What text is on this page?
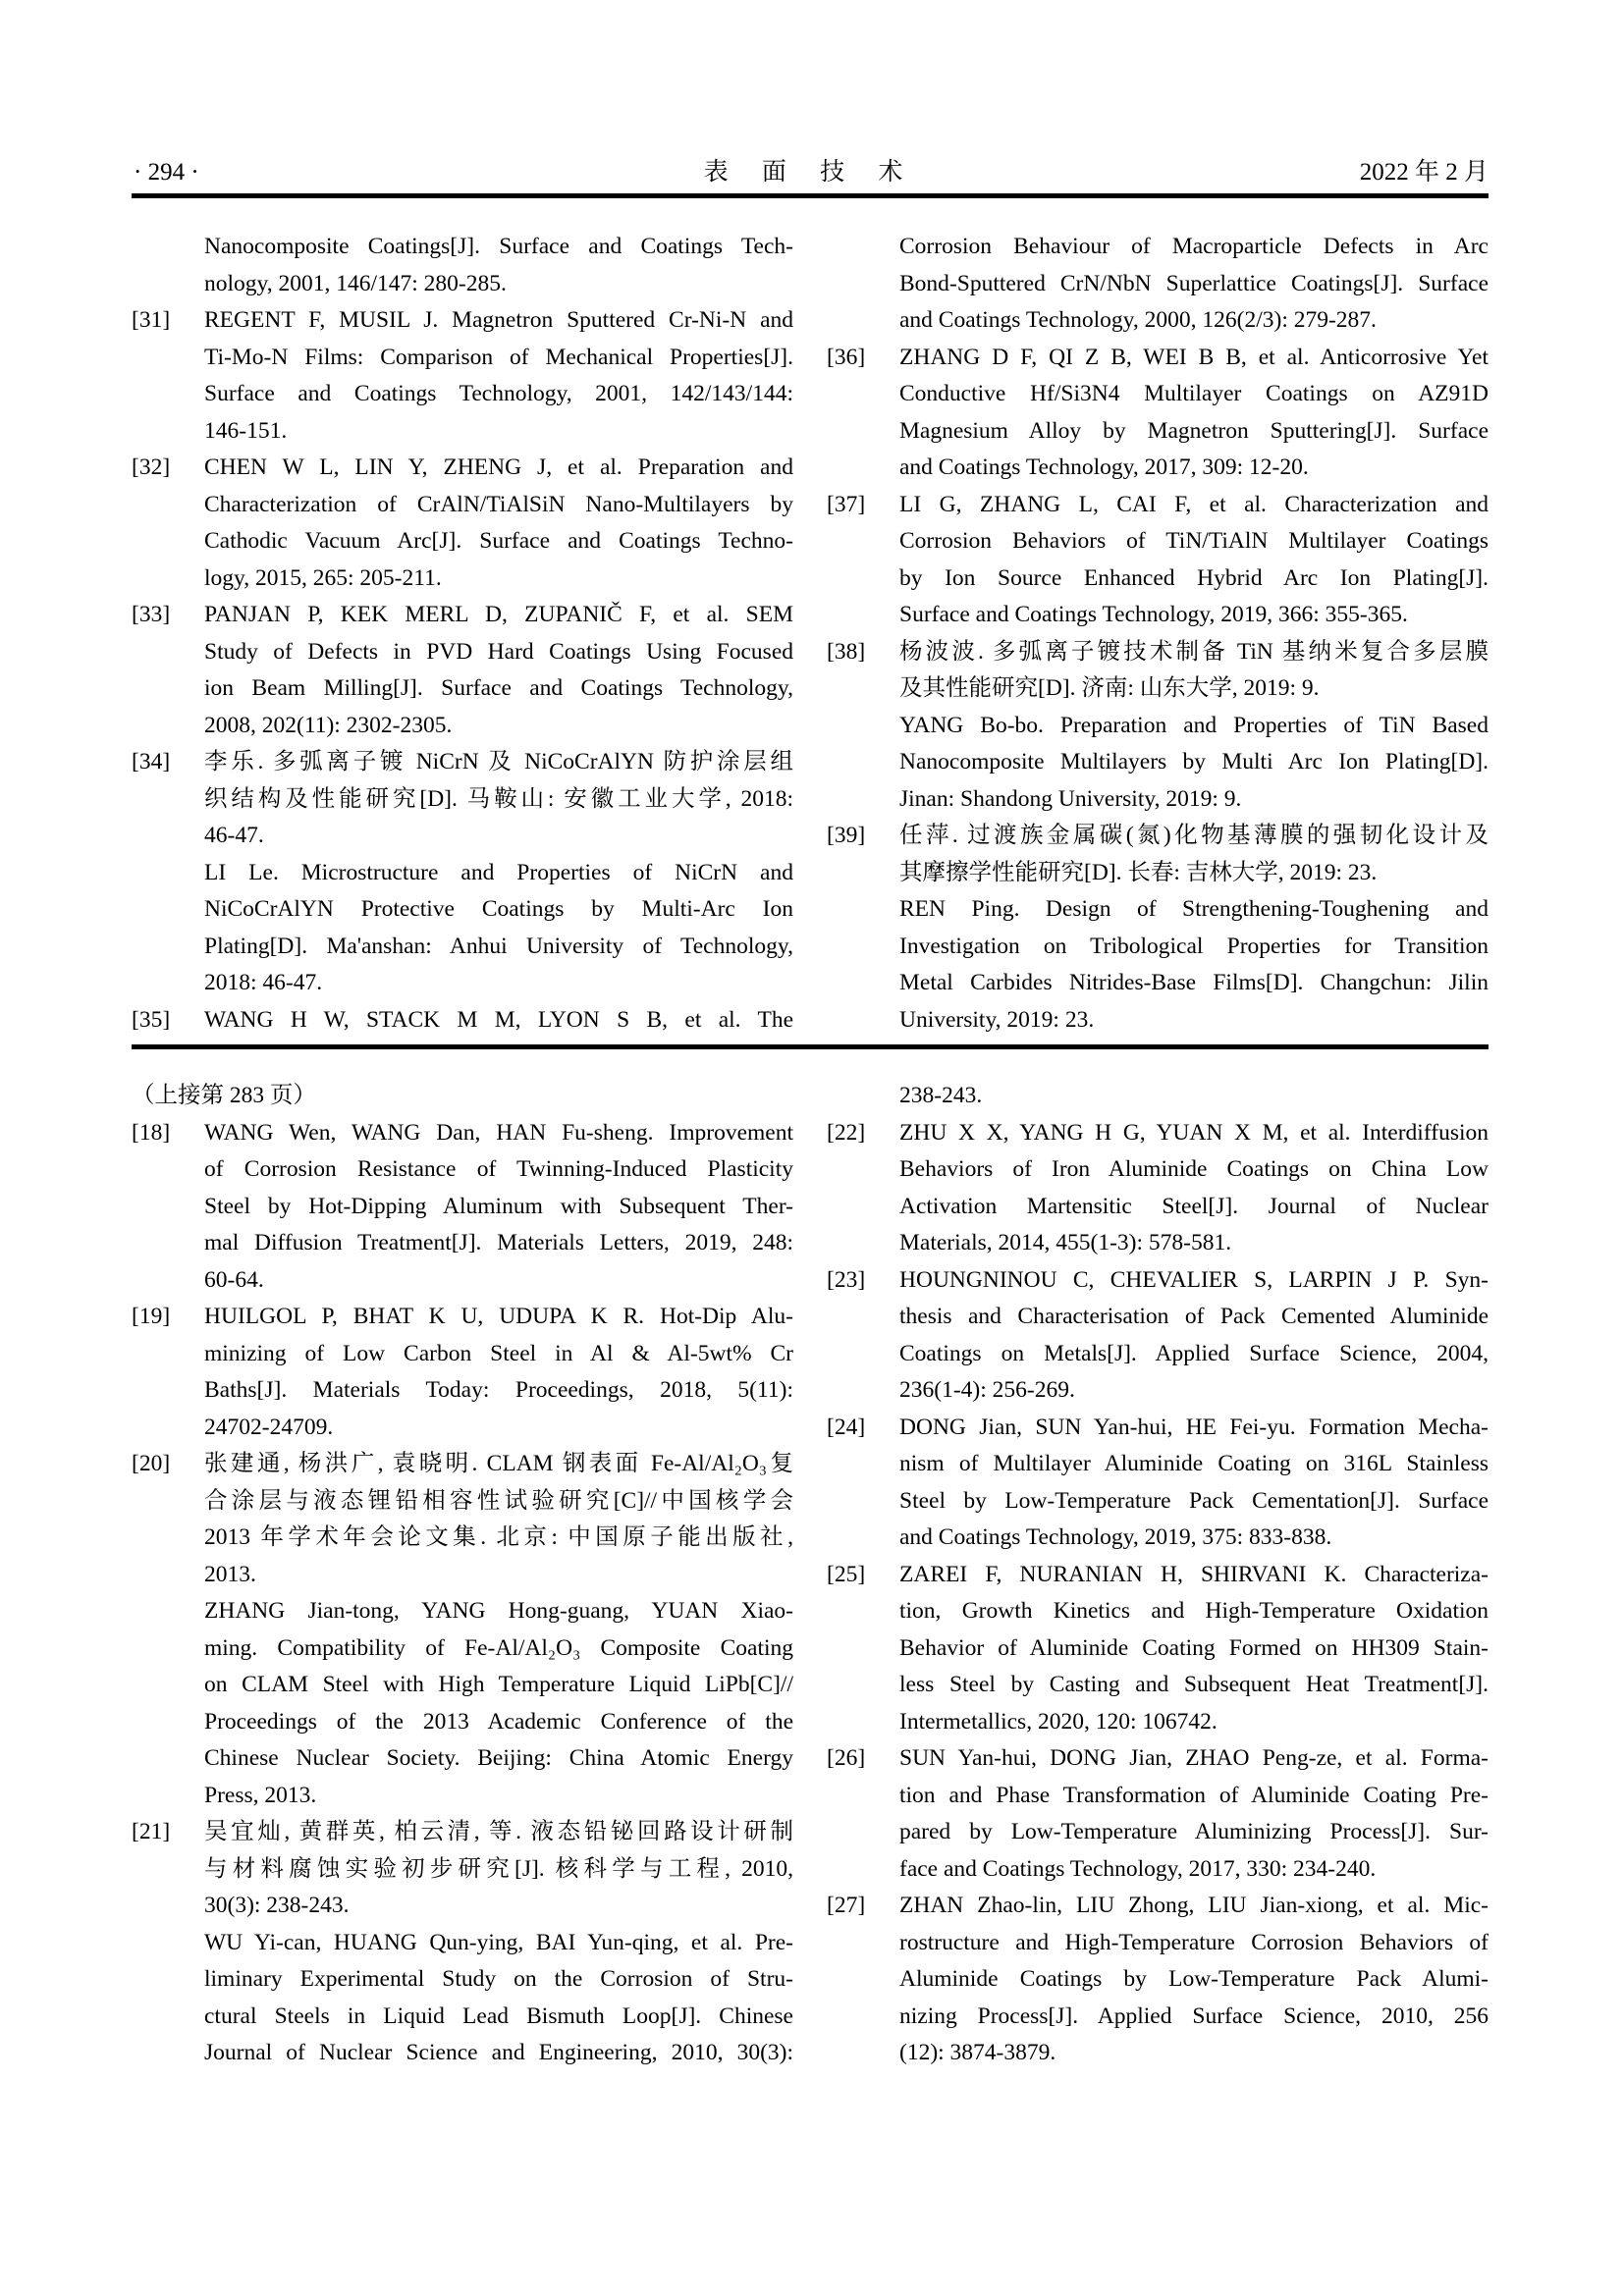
· 294 ·	表 面 技 术	2022 年 2 月
Nanocomposite Coatings[J]. Surface and Coatings Tech-
nology, 2001, 146/147: 280-285.
[31] REGENT F, MUSIL J. Magnetron Sputtered Cr-Ni-N and
Ti-Mo-N Films: Comparison of Mechanical Properties[J].
Surface and Coatings Technology, 2001, 142/143/144:
146-151.
[32] CHEN W L, LIN Y, ZHENG J, et al. Preparation and
Characterization of CrAlN/TiAlSiN Nano-Multilayers by
Cathodic Vacuum Arc[J]. Surface and Coatings Techno-
logy, 2015, 265: 205-211.
[33] PANJAN P, KEK MERL D, ZUPANIČ F, et al. SEM
Study of Defects in PVD Hard Coatings Using Focused
ion Beam Milling[J]. Surface and Coatings Technology,
2008, 202(11): 2302-2305.
[34] 李乐. 多弧离子镀 NiCrN 及 NiCoCrAlYN 防护涂层组
织结构及性能研究[D]. 马鞍山: 安徽工业大学, 2018:
46-47.
LI Le. Microstructure and Properties of NiCrN and
NiCoCrAlYN Protective Coatings by Multi-Arc Ion
Plating[D]. Ma'anshan: Anhui University of Technology,
2018: 46-47.
[35] WANG H W, STACK M M, LYON S B, et al. The
Corrosion Behaviour of Macroparticle Defects in Arc
Bond-Sputtered CrN/NbN Superlattice Coatings[J]. Surface
and Coatings Technology, 2000, 126(2/3): 279-287.
[36] ZHANG D F, QI Z B, WEI B B, et al. Anticorrosive Yet
Conductive Hf/Si3N4 Multilayer Coatings on AZ91D
Magnesium Alloy by Magnetron Sputtering[J]. Surface
and Coatings Technology, 2017, 309: 12-20.
[37] LI G, ZHANG L, CAI F, et al. Characterization and
Corrosion Behaviors of TiN/TiAlN Multilayer Coatings
by Ion Source Enhanced Hybrid Arc Ion Plating[J].
Surface and Coatings Technology, 2019, 366: 355-365.
[38] 杨波波. 多弧离子镀技术制备 TiN 基纳米复合多层膜
及其性能研究[D]. 济南: 山东大学, 2019: 9.
YANG Bo-bo. Preparation and Properties of TiN Based
Nanocomposite Multilayers by Multi Arc Ion Plating[D].
Jinan: Shandong University, 2019: 9.
[39] 任萍. 过渡族金属碳(氮)化物基薄膜的强韧化设计及
其摩擦学性能研究[D]. 长春: 吉林大学, 2019: 23.
REN Ping. Design of Strengthening-Toughening and
Investigation on Tribological Properties for Transition
Metal Carbides Nitrides-Base Films[D]. Changchun: Jilin
University, 2019: 23.
（上接第 283 页）
[18] WANG Wen, WANG Dan, HAN Fu-sheng. Improvement
of Corrosion Resistance of Twinning-Induced Plasticity
Steel by Hot-Dipping Aluminum with Subsequent Ther-
mal Diffusion Treatment[J]. Materials Letters, 2019, 248:
60-64.
[19] HUILGOL P, BHAT K U, UDUPA K R. Hot-Dip Alu-
minizing of Low Carbon Steel in Al & Al-5wt% Cr
Baths[J]. Materials Today: Proceedings, 2018, 5(11):
24702-24709.
[20] 张建通, 杨洪广, 袁晓明. CLAM 钢表面 Fe-Al/Al₂O₃复
合涂层与液态锂铅相容性试验研究[C]//中国核学会
2013 年学术年会论文集. 北京: 中国原子能出版社,
2013.
ZHANG Jian-tong, YANG Hong-guang, YUAN Xiao-
ming. Compatibility of Fe-Al/Al₂O₃ Composite Coating
on CLAM Steel with High Temperature Liquid LiPb[C]//
Proceedings of the 2013 Academic Conference of the
Chinese Nuclear Society. Beijing: China Atomic Energy
Press, 2013.
[21] 吴宜灿, 黄群英, 柏云清, 等. 液态铅铋回路设计研制
与材料腐蚀实验初步研究[J]. 核科学与工程, 2010,
30(3): 238-243.
WU Yi-can, HUANG Qun-ying, BAI Yun-qing, et al. Pre-
liminary Experimental Study on the Corrosion of Stru-
ctural Steels in Liquid Lead Bismuth Loop[J]. Chinese
Journal of Nuclear Science and Engineering, 2010, 30(3):
238-243.
[22] ZHU X X, YANG H G, YUAN X M, et al. Interdiffusion
Behaviors of Iron Aluminide Coatings on China Low
Activation Martensitic Steel[J]. Journal of Nuclear
Materials, 2014, 455(1-3): 578-581.
[23] HOUNGNINOU C, CHEVALIER S, LARPIN J P. Syn-
thesis and Characterisation of Pack Cemented Aluminide
Coatings on Metals[J]. Applied Surface Science, 2004,
236(1-4): 256-269.
[24] DONG Jian, SUN Yan-hui, HE Fei-yu. Formation Mecha-
nism of Multilayer Aluminide Coating on 316L Stainless
Steel by Low-Temperature Pack Cementation[J]. Surface
and Coatings Technology, 2019, 375: 833-838.
[25] ZAREI F, NURANIAN H, SHIRVANI K. Characteriza-
tion, Growth Kinetics and High-Temperature Oxidation
Behavior of Aluminide Coating Formed on HH309 Stain-
less Steel by Casting and Subsequent Heat Treatment[J].
Intermetallics, 2020, 120: 106742.
[26] SUN Yan-hui, DONG Jian, ZHAO Peng-ze, et al. Forma-
tion and Phase Transformation of Aluminide Coating Pre-
pared by Low-Temperature Aluminizing Process[J]. Sur-
face and Coatings Technology, 2017, 330: 234-240.
[27] ZHAN Zhao-lin, LIU Zhong, LIU Jian-xiong, et al. Mic-
rostructure and High-Temperature Corrosion Behaviors of
Aluminide Coatings by Low-Temperature Pack Alumi-
nizing Process[J]. Applied Surface Science, 2010, 256
(12): 3874-3879.
